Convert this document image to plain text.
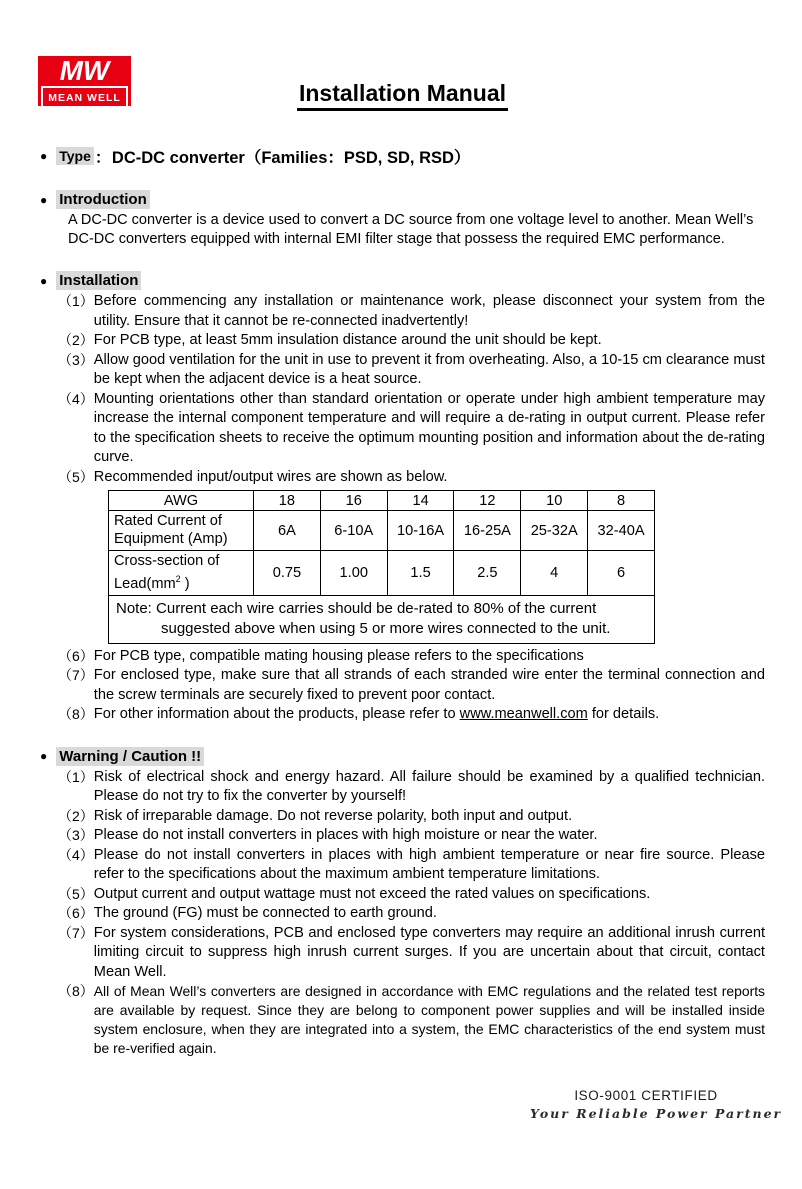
MW
MEAN WELL	Installation Manual
● Type ： DC-DC converter（Families：PSD, SD, RSD）
● Introduction
A DC-DC converter is a device used to convert a DC source from one voltage level to another. Mean Well’s DC-DC converters equipped with internal EMI filter stage that possess the required EMC performance.
● Installation
（1） Before commencing any installation or maintenance work, please disconnect your system from the utility. Ensure that it cannot be re-connected inadvertently!
（2） For PCB type, at least 5mm insulation distance around the unit should be kept.
（3） Allow good ventilation for the unit in use to prevent it from overheating. Also, a 10-15 cm clearance must be kept when the adjacent device is a heat source.
（4） Mounting orientations other than standard orientation or operate under high ambient temperature may increase the internal component temperature and will require a de-rating in output current. Please refer to the specification sheets to receive the optimum mounting position and information about the de-rating curve.
（5） Recommended input/output wires are shown as below.
AWG	18	16	14	12	10	8
Rated Current of Equipment (Amp)	6A	6-10A	10-16A	16-25A	25-32A	32-40A
Cross-section of $Lead(mm^2$ )	0.75	1.00	1.5	2.5	4	6

Note: Current each wire carries should be de-rated to 80% of the current
suggested above when using 5 or more wires connected to the unit.						
（6） For PCB type, compatible mating housing please refers to the specifications
（7） For enclosed type, make sure that all strands of each stranded wire enter the terminal connection and the screw terminals are securely fixed to prevent poor contact.
（8） For other information about the products, please refer to www.meanwell.com for details.
● Warning / Caution !!
（1） Risk of electrical shock and energy hazard. All failure should be examined by a qualified technician. Please do not try to fix the converter by yourself!
（2） Risk of irreparable damage. Do not reverse polarity, both input and output.
（3） Please do not install converters in places with high moisture or near the water.
（4） Please do not install converters in places with high ambient temperature or near fire source. Please refer to the specifications about the maximum ambient temperature limitations.
（5） Output current and output wattage must not exceed the rated values on specifications.
（6） The ground (FG) must be connected to earth ground.
（7） For system considerations, PCB and enclosed type converters may require an additional inrush current limiting circuit to suppress high inrush current surges. If you are uncertain about that circuit, contact Mean Well.
（8） All of Mean Well’s converters are designed in accordance with EMC regulations and the related test reports are available by request. Since they are belong to component power supplies and will be installed inside system enclosure, when they are integrated into a system, the EMC characteristics of the end system must be re-verified again.
ISO-9001 CERTIFIED
Your Reliable Power Partner
